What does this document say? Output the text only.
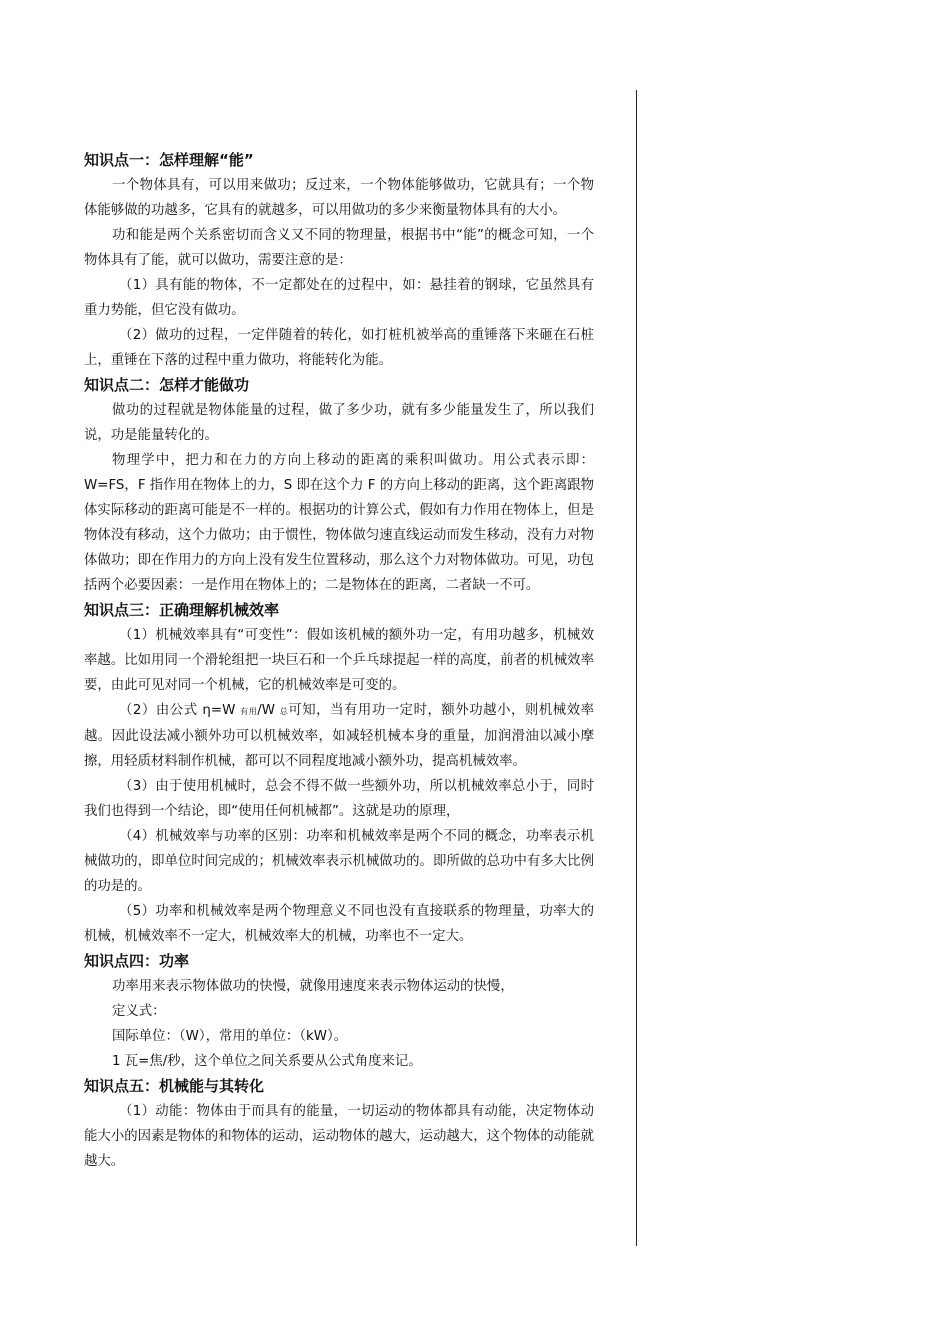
知识点一：怎样理解“能”
一个物体具有，可以用来做功；反过来，一个物体能够做功，它就具有；一个物体能够做的功越多，它具有的就越多，可以用做功的多少来衡量物体具有的大小。
功和能是两个关系密切而含义又不同的物理量，根据书中“能”的概念可知，一个物体具有了能，就可以做功，需要注意的是：
（1）具有能的物体，不一定都处在的过程中，如：悬挂着的钢球，它虽然具有重力势能，但它没有做功。
（2）做功的过程，一定伴随着的转化，如打桩机被举高的重锤落下来砸在石桩上，重锤在下落的过程中重力做功，将能转化为能。
知识点二：怎样才能做功
做功的过程就是物体能量的过程，做了多少功，就有多少能量发生了，所以我们说，功是能量转化的。
物理学中，把力和在力的方向上移动的距离的乘积叫做功。用公式表示即：W=FS，F 指作用在物体上的力，S 即在这个力 F 的方向上移动的距离，这个距离跟物体实际移动的距离可能是不一样的。根据功的计算公式，假如有力作用在物体上，但是物体没有移动，这个力做功；由于惯性，物体做匀速直线运动而发生移动，没有力对物体做功；即在作用力的方向上没有发生位置移动，那么这个力对物体做功。可见，功包括两个必要因素：一是作用在物体上的；二是物体在的距离，二者缺一不可。
知识点三：正确理解机械效率
（1）机械效率具有“可变性”：假如该机械的额外功一定，有用功越多，机械效率越。比如用同一个滑轮组把一块巨石和一个乒乓球提起一样的高度，前者的机械效率要，由此可见对同一个机械，它的机械效率是可变的。
（2）由公式 η=W 有用/W 总可知，当有用功一定时，额外功越小，则机械效率越。因此设法减小额外功可以机械效率，如减轻机械本身的重量，加润滑油以减小摩擦，用轻质材料制作机械，都可以不同程度地减小额外功，提高机械效率。
（3）由于使用机械时，总会不得不做一些额外功，所以机械效率总小于，同时我们也得到一个结论，即“使用任何机械都”。这就是功的原理，
（4）机械效率与功率的区别：功率和机械效率是两个不同的概念，功率表示机械做功的，即单位时间完成的；机械效率表示机械做功的。即所做的总功中有多大比例的功是的。
（5）功率和机械效率是两个物理意义不同也没有直接联系的物理量，功率大的机械，机械效率不一定大，机械效率大的机械，功率也不一定大。
知识点四：功率
功率用来表示物体做功的快慢，就像用速度来表示物体运动的快慢，
定义式：
国际单位：（W），常用的单位：（kW）。
1 瓦=焦/秒，这个单位之间关系要从公式角度来记。
知识点五：机械能与其转化
（1）动能：物体由于而具有的能量，一切运动的物体都具有动能，决定物体动能大小的因素是物体的和物体的运动，运动物体的越大，运动越大，这个物体的动能就越大。
